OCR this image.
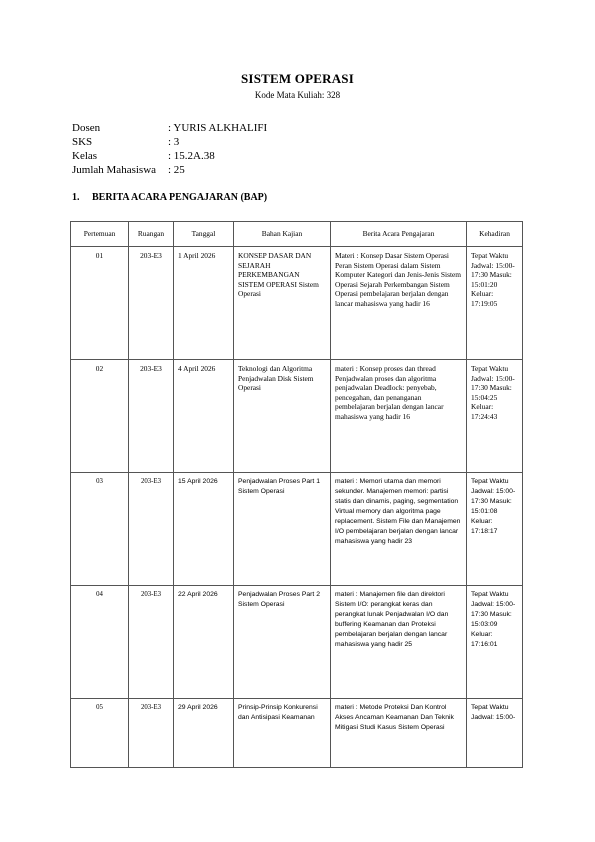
SISTEM OPERASI
Kode Mata Kuliah: 328
Dosen	: YURIS ALKHALIFI
SKS	: 3
Kelas	: 15.2A.38
Jumlah Mahasiswa	: 25
1. BERITA ACARA PENGAJARAN (BAP)
Pertemuan	Ruangan	Tanggal	Bahan Kajian	Berita Acara Pengajaran	Kehadiran
01	203-E3	1 April 2026	KONSEP DASAR DAN SEJARAH PERKEMBANGAN SISTEM OPERASI Sistem Operasi	Materi : Konsep Dasar Sistem Operasi Peran Sistem Operasi dalam Sistem Komputer Kategori dan Jenis-Jenis Sistem Operasi Sejarah Perkembangan Sistem Operasi pembelajaran berjalan dengan lancar mahasiswa yang hadir 16	Tepat Waktu Jadwal: 15:00-17:30 Masuk: 15:01:20 Keluar: 17:19:05
02	203-E3	4 April 2026	Teknologi dan Algoritma Penjadwalan Disk Sistem Operasi	materi : Konsep proses dan thread Penjadwalan proses dan algoritma penjadwalan Deadlock: penyebab, pencegahan, dan penanganan pembelajaran berjalan dengan lancar mahasiswa yang hadir 16	Tepat Waktu Jadwal: 15:00-17:30 Masuk: 15:04:25 Keluar: 17:24:43
03	203-E3	15 April 2026	Penjadwalan Proses Part 1 Sistem Operasi	materi : Memori utama dan memori sekunder. Manajemen memori: partisi statis dan dinamis, paging, segmentation Virtual memory dan algoritma page replacement. Sistem File dan Manajemen I/O pembelajaran berjalan dengan lancar mahasiswa yang hadir 23	Tepat Waktu Jadwal: 15:00-17:30 Masuk: 15:01:08 Keluar: 17:18:17
04	203-E3	22 April 2026	Penjadwalan Proses Part 2 Sistem Operasi	materi : Manajemen file dan direktori Sistem I/O: perangkat keras dan perangkat lunak Penjadwalan I/O dan buffering Keamanan dan Proteksi pembelajaran berjalan dengan lancar mahasiswa yang hadir 25	Tepat Waktu Jadwal: 15:00-17:30 Masuk: 15:03:09 Keluar: 17:16:01
05	203-E3	29 April 2026	Prinsip-Prinsip Konkurensi dan Antisipasi Keamanan	materi : Metode Proteksi Dan Kontrol Akses Ancaman Keamanan Dan Teknik Mitigasi Studi Kasus Sistem Operasi	Tepat Waktu Jadwal: 15:00-
